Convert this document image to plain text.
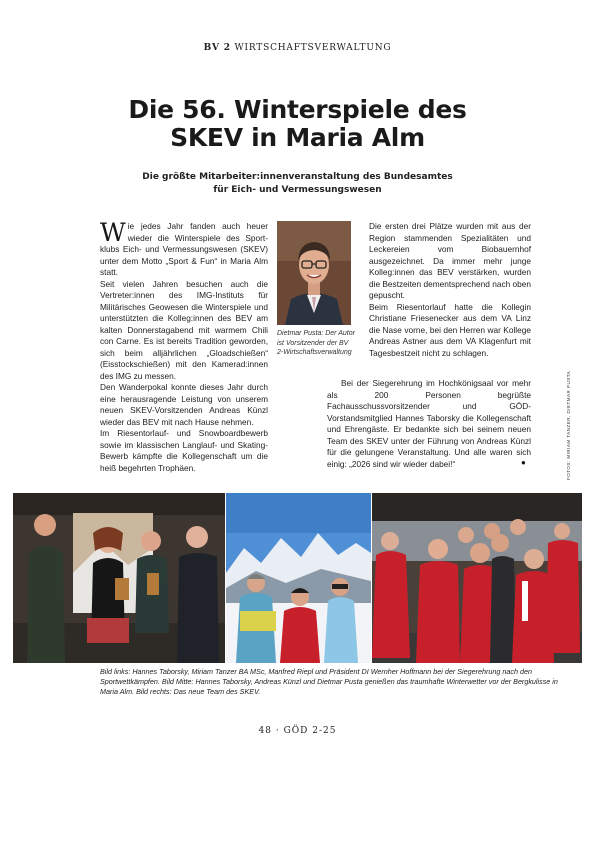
BV 2 WIRTSCHAFTSVERWALTUNG
Die 56. Winterspiele des
SKEV in Maria Alm
Die größte Mitarbeiter:innenveranstaltung des Bundesamtes
für Eich- und Vermessungswesen

Wie jedes Jahr fanden auch heuer wieder die Winterspiele des Sport-klubs Eich- und Vermessungswesen (SKEV) unter dem Motto „Sport & Fun“ in Maria Alm statt.

Seit vielen Jahren besuchen auch die Vertreter:innen des IMG-Instituts für Militärisches Geowesen die Winterspiele und unterstützten die Kolleg:innen des BEV am kalten Donnerstagabend mit warmem Chili con Carne. Es ist bereits Tradition geworden, sich beim alljährlichen „Gloadschießen“ (Eisstockschießen) mit den Kamerad:innen des IMG zu messen.

Den Wanderpokal konnte dieses Jahr durch eine herausragende Leistung von unserem neuen SKEV-Vorsitzenden Andreas Künzl wieder das BEV mit nach Hause nehmen.

Im Riesentorlauf- und Snowboardbewerb sowie im klassischen Langlauf- und Skating-Bewerb kämpfte die Kollegenschaft um die heiß begehrten Trophäen.

Dietmar Pusta: Der Autor ist Vorsitzender der BV 2-Wirtschaftsverwaltung

Die ersten drei Plätze wurden mit aus der Region stammenden Spezialitäten und Leckereien vom Biobauernhof ausgezeichnet. Da immer mehr junge Kolleg:innen das BEV verstärken, wurden die Bestzeiten dementsprechend nach oben gepuscht.

Beim Riesentorlauf hatte die Kollegin Christiane Friesenecker aus dem VA Linz die Nase vorne, bei den Herren war Kollege Andreas Astner aus dem VA Klagenfurt mit Tagesbestzeit nicht zu schlagen.

Bei der Siegerehrung im Hochkönigsaal vor mehr als 200 Personen begrüßte Fachausschussvorsitzender und GÖD-Vorstandsmitglied Hannes Taborsky die Kollegenschaft und Ehrengäste. Er bedankte sich bei seinem neuen Team des SKEV unter der Führung von Andreas Künzl für die gelungene Veranstaltung. Und alle waren sich einig: „2026 sind wir wieder dabei!“	●	FOTOS: MIRIAM TANZER, DIETMAR PUSTA
Bild links: Hannes Taborsky, Miriam Tanzer BA MSc, Manfred Riepl und Präsident DI Wernher Hoffmann bei der Siegerehrung nach den Sportwettkämpfen. Bild Mitte: Hannes Taborsky, Andreas Künzl und Dietmar Pusta genießen das traumhafte Winterwetter vor der Bergkulisse in Maria Alm. Bild rechts: Das neue Team des SKEV.
48 · GÖD 2-25
